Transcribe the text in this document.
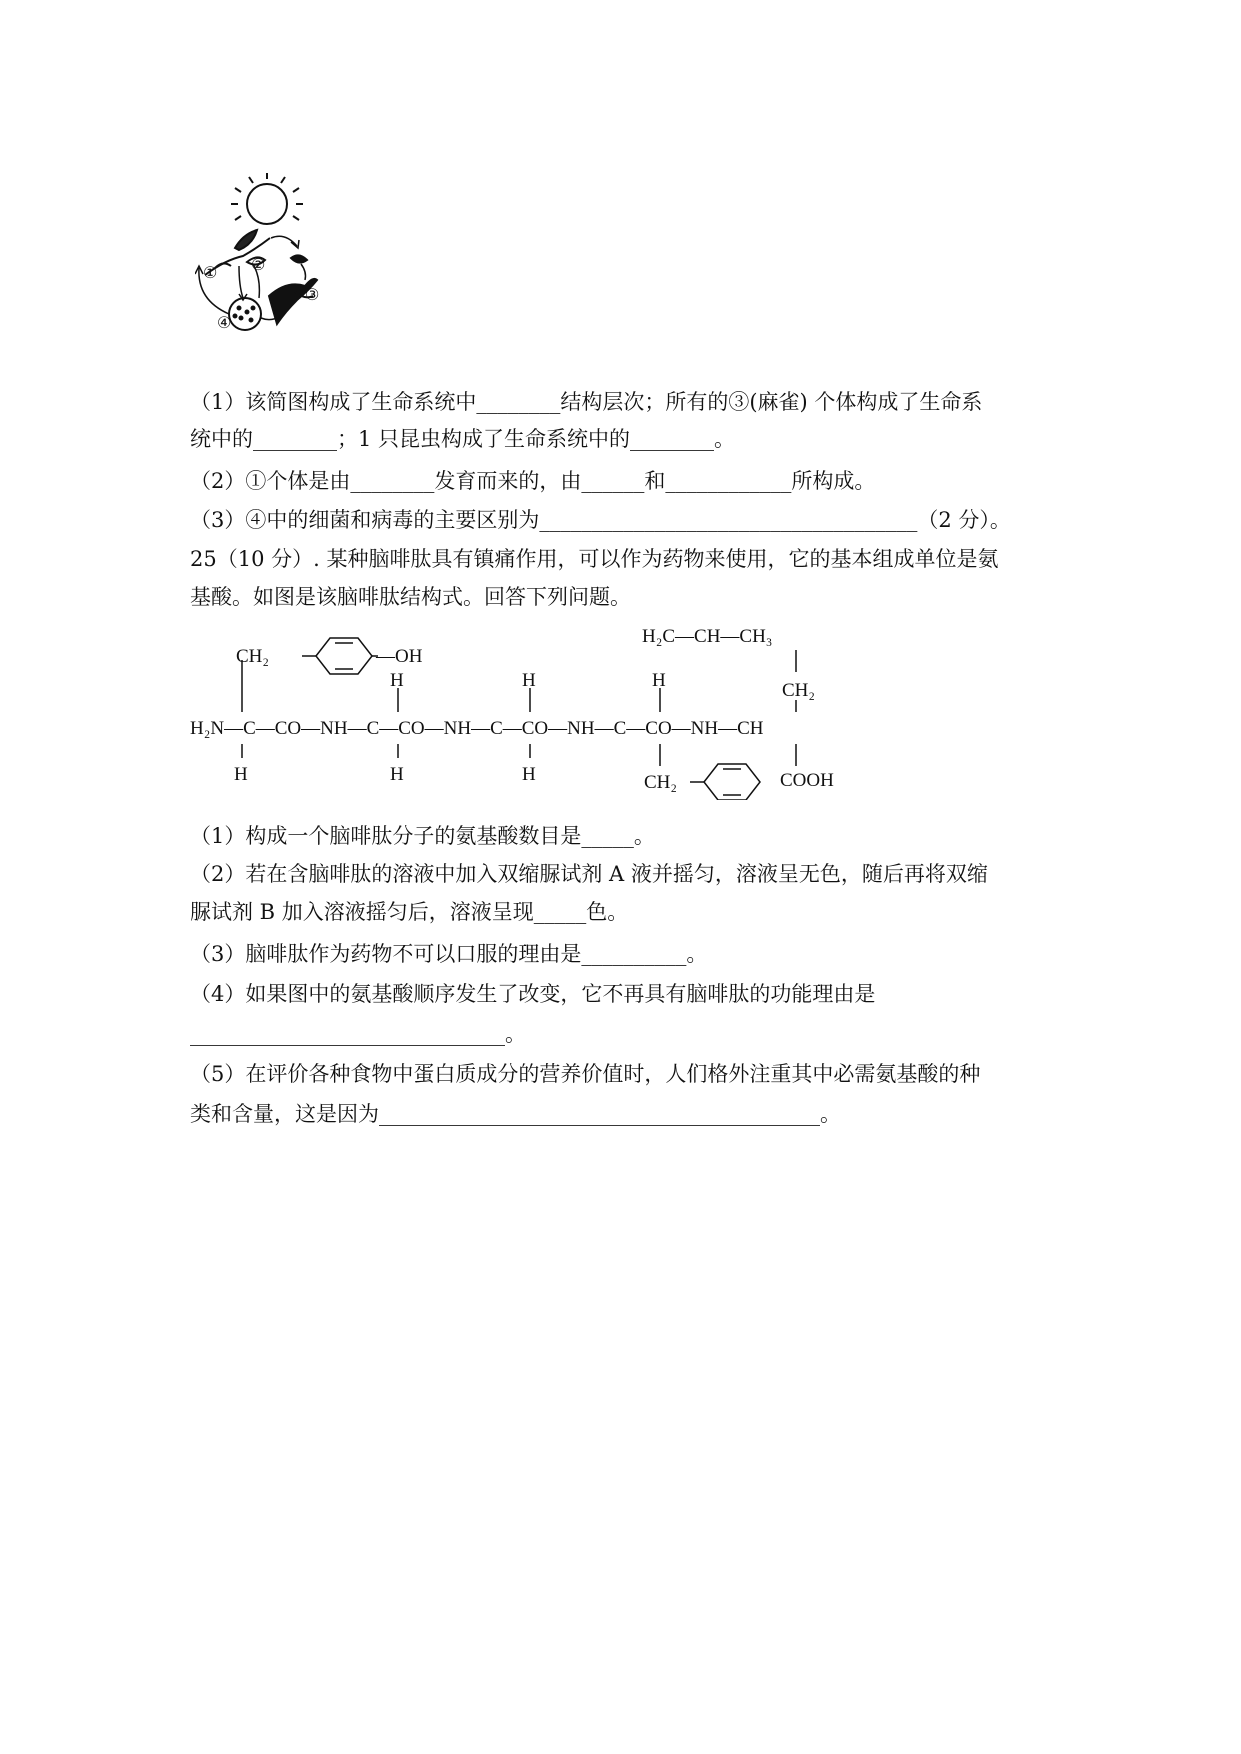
① ②
③
④
（1）该简图构成了生命系统中________结构层次；所有的③(麻雀) 个体构成了生命系
统中的________；1 只昆虫构成了生命系统中的________。
（2）①个体是由________发育而来的，由______和____________所构成。
（3）④中的细菌和病毒的主要区别为____________________________________（2 分）。
25（10 分）. 某种脑啡肽具有镇痛作用，可以作为药物来使用，它的基本组成单位是氨
基酸。如图是该脑啡肽结构式。回答下列问题。
CH₂	—OH
H	H	H
H₂C—CH—CH₃
CH₂
H₂N—C—CO—NH—C—CO—NH—C—CO—NH—C—CO—NH—CH
H	H	H	CH₂	COOH
（1）构成一个脑啡肽分子的氨基酸数目是_____。
（2）若在含脑啡肽的溶液中加入双缩脲试剂 A 液并摇匀，溶液呈无色，随后再将双缩
脲试剂 B 加入溶液摇匀后，溶液呈现_____色。
（3）脑啡肽作为药物不可以口服的理由是__________。
（4）如果图中的氨基酸顺序发生了改变，它不再具有脑啡肽的功能理由是
______________________________。
（5）在评价各种食物中蛋白质成分的营养价值时，人们格外注重其中必需氨基酸的种
类和含量，这是因为__________________________________________。
